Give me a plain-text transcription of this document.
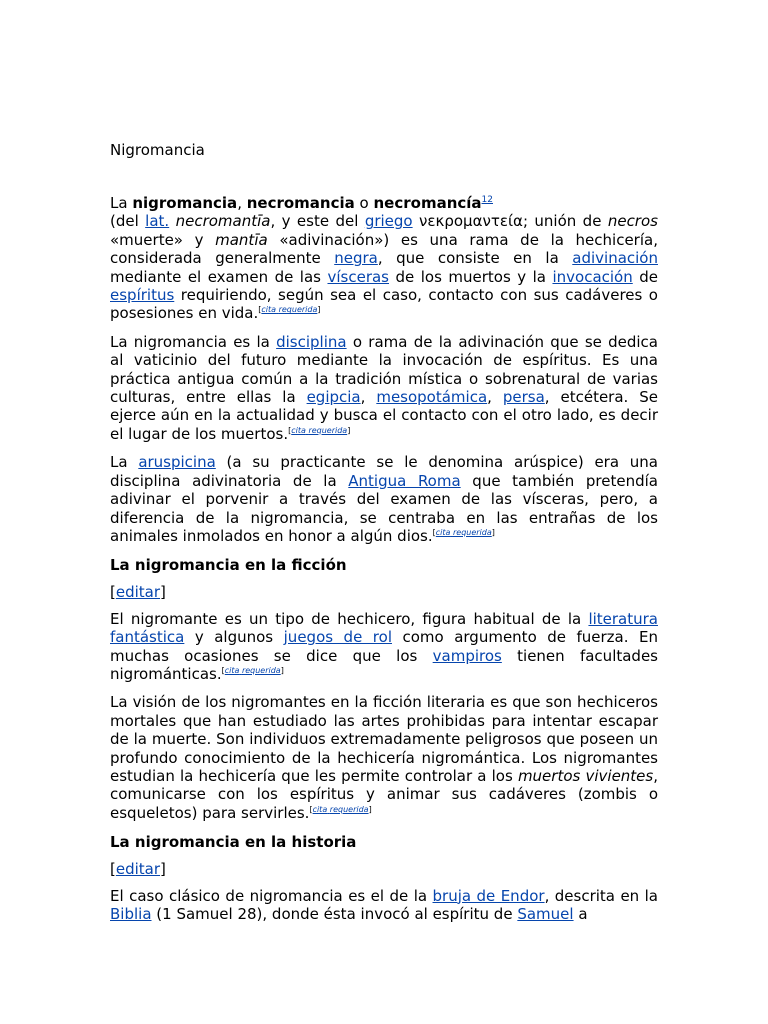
Nigromancia

La nigromancia, necromancia o necromancía$^{12}$

(del lat. necromantīa, y este del griego νεκρομαντεία; unión de necros «muerte» y mantīa «adivinación») es una rama de la hechicería, considerada generalmente negra, que consiste en la adivinación mediante el examen de las vísceras de los muertos y la invocación de espíritus requiriendo, según sea el caso, contacto con sus cadáveres o posesiones en vida.[cita requerida]

La nigromancia es la disciplina o rama de la adivinación que se dedica al vaticinio del futuro mediante la invocación de espíritus. Es una práctica antigua común a la tradición mística o sobrenatural de varias culturas, entre ellas la egipcia, mesopotámica, persa, etcétera. Se ejerce aún en la actualidad y busca el contacto con el otro lado, es decir el lugar de los muertos.[cita requerida]

La aruspicina (a su practicante se le denomina arúspice) era una disciplina adivinatoria de la Antigua Roma que también pretendía adivinar el porvenir a través del examen de las vísceras, pero, a diferencia de la nigromancia, se centraba en las entrañas de los animales inmolados en honor a algún dios.[cita requerida]

La nigromancia en la ficción

[editar]

El nigromante es un tipo de hechicero, figura habitual de la literatura fantástica y algunos juegos de rol como argumento de fuerza. En muchas ocasiones se dice que los vampiros tienen facultades nigrománticas.[cita requerida]

La visión de los nigromantes en la ficción literaria es que son hechiceros mortales que han estudiado las artes prohibidas para intentar escapar de la muerte. Son individuos extremadamente peligrosos que poseen un profundo conocimiento de la hechicería nigromántica. Los nigromantes estudian la hechicería que les permite controlar a los muertos vivientes, comunicarse con los espíritus y animar sus cadáveres (zombis o esqueletos) para servirles.[cita requerida]

La nigromancia en la historia

[editar]

El caso clásico de nigromancia es el de la bruja de Endor, descrita en la Biblia (1 Samuel 28), donde ésta invocó al espíritu de Samuel a
